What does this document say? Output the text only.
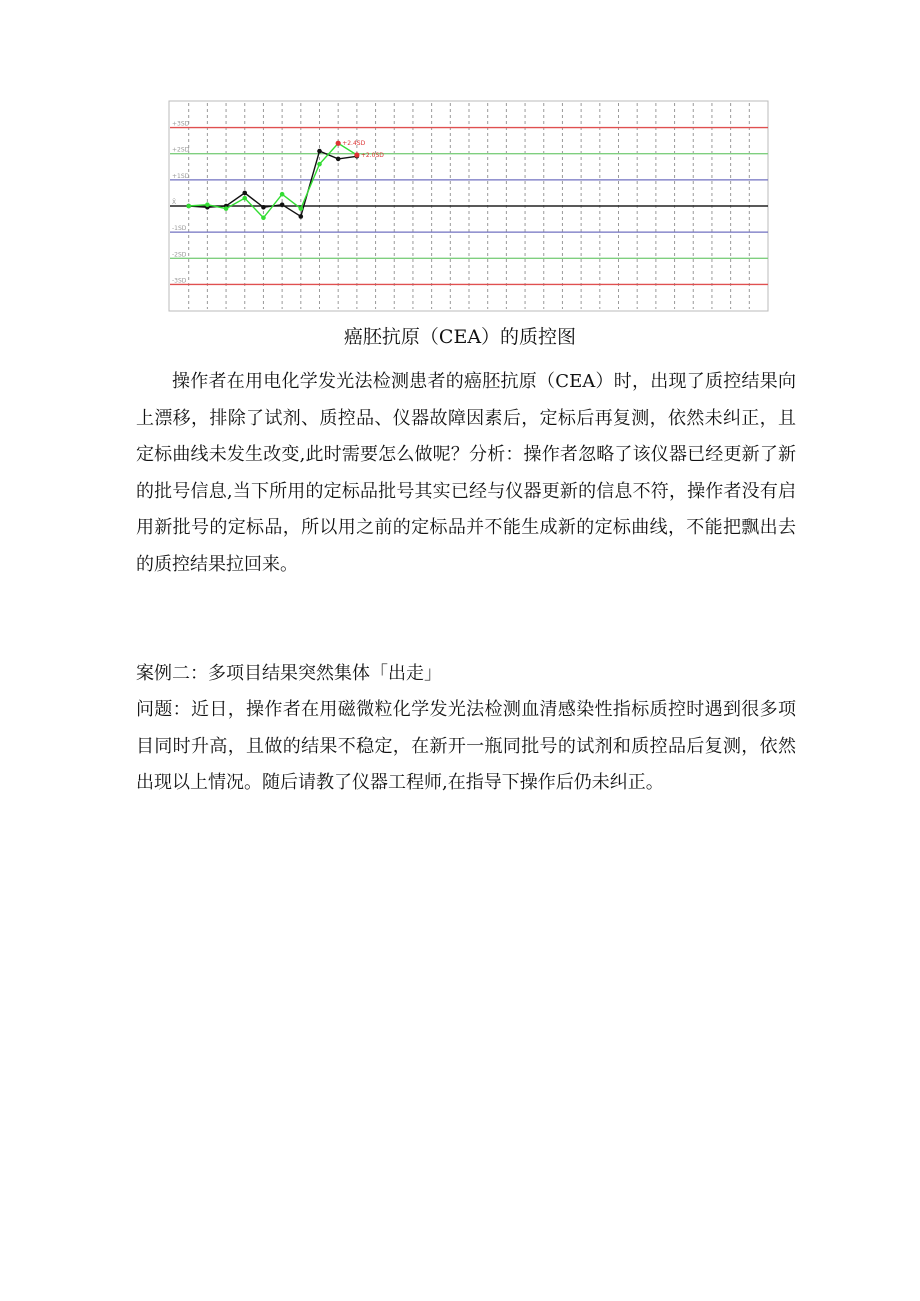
+3SD
+2SD
+1SD
X̄
-1SD
-2SD
-3SD
+2.4SD
+2.0SD
癌胚抗原（CEA）的质控图
操作者在用电化学发光法检测患者的癌胚抗原（CEA）时，出现了质控结果向上漂移，排除了试剂、质控品、仪器故障因素后，定标后再复测，依然未纠正，且定标曲线未发生改变,此时需要怎么做呢？分析：操作者忽略了该仪器已经更新了新的批号信息,当下所用的定标品批号其实已经与仪器更新的信息不符，操作者没有启用新批号的定标品，所以用之前的定标品并不能生成新的定标曲线，不能把飘出去的质控结果拉回来。
案例二：多项目结果突然集体「出走」
问题：近日，操作者在用磁微粒化学发光法检测血清感染性指标质控时遇到很多项目同时升高，且做的结果不稳定，在新开一瓶同批号的试剂和质控品后复测，依然出现以上情况。随后请教了仪器工程师,在指导下操作后仍未纠正。
